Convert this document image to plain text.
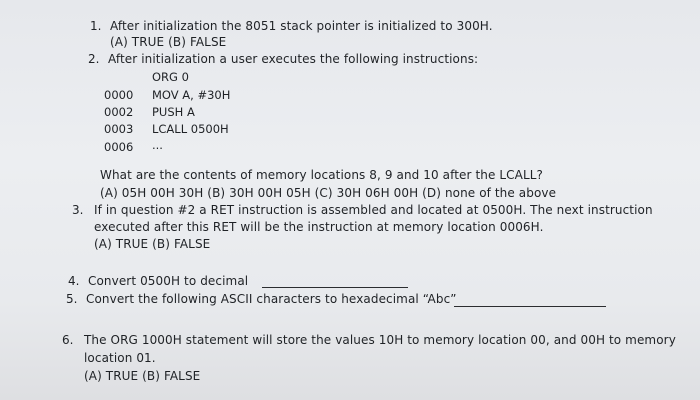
1. After initialization the 8051 stack pointer is initialized to 300H.
(A) TRUE (B) FALSE
2. After initialization a user executes the following instructions:
ORG 0
0000 MOV A, #30H
0002 PUSH A
0003 LCALL 0500H
0006 ...
What are the contents of memory locations 8, 9 and 10 after the LCALL?
(A) 05H 00H 30H (B) 30H 00H 05H (C) 30H 06H 00H (D) none of the above
3. If in question #2 a RET instruction is assembled and located at 0500H. The next instruction
executed after this RET will be the instruction at memory location 0006H.
(A) TRUE (B) FALSE
4. Convert 0500H to decimal
5. Convert the following ASCII characters to hexadecimal “Abc”
6. The ORG 1000H statement will store the values 10H to memory location 00, and 00H to memory
location 01.
(A) TRUE (B) FALSE
